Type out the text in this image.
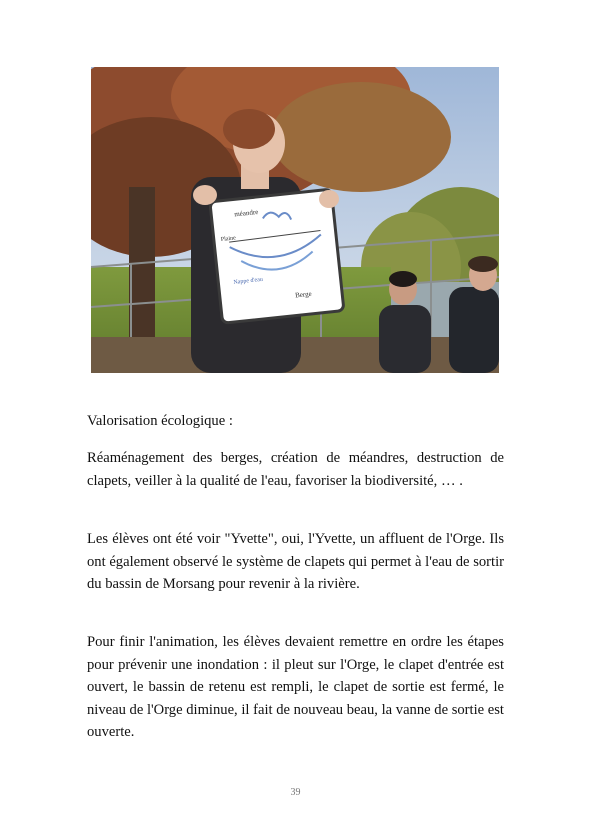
méandre
Plaine
Nappe d'eau
Berge

Valorisation écologique :

Réaménagement des berges, création de méandres, destruction de clapets, veiller à la qualité de l'eau, favoriser la biodiversité, … .

Les élèves ont été voir "Yvette", oui, l'Yvette, un affluent de l'Orge. Ils ont également observé le système de clapets qui permet à l'eau de sortir du bassin de Morsang pour revenir à la rivière.

Pour finir l'animation, les élèves devaient remettre en ordre les étapes pour prévenir une inondation : il pleut sur l'Orge, le clapet d'entrée est ouvert, le bassin de retenu est rempli, le clapet de sortie est fermé, le niveau de l'Orge diminue, il fait de nouveau beau, la vanne de sortie est ouverte.

39
